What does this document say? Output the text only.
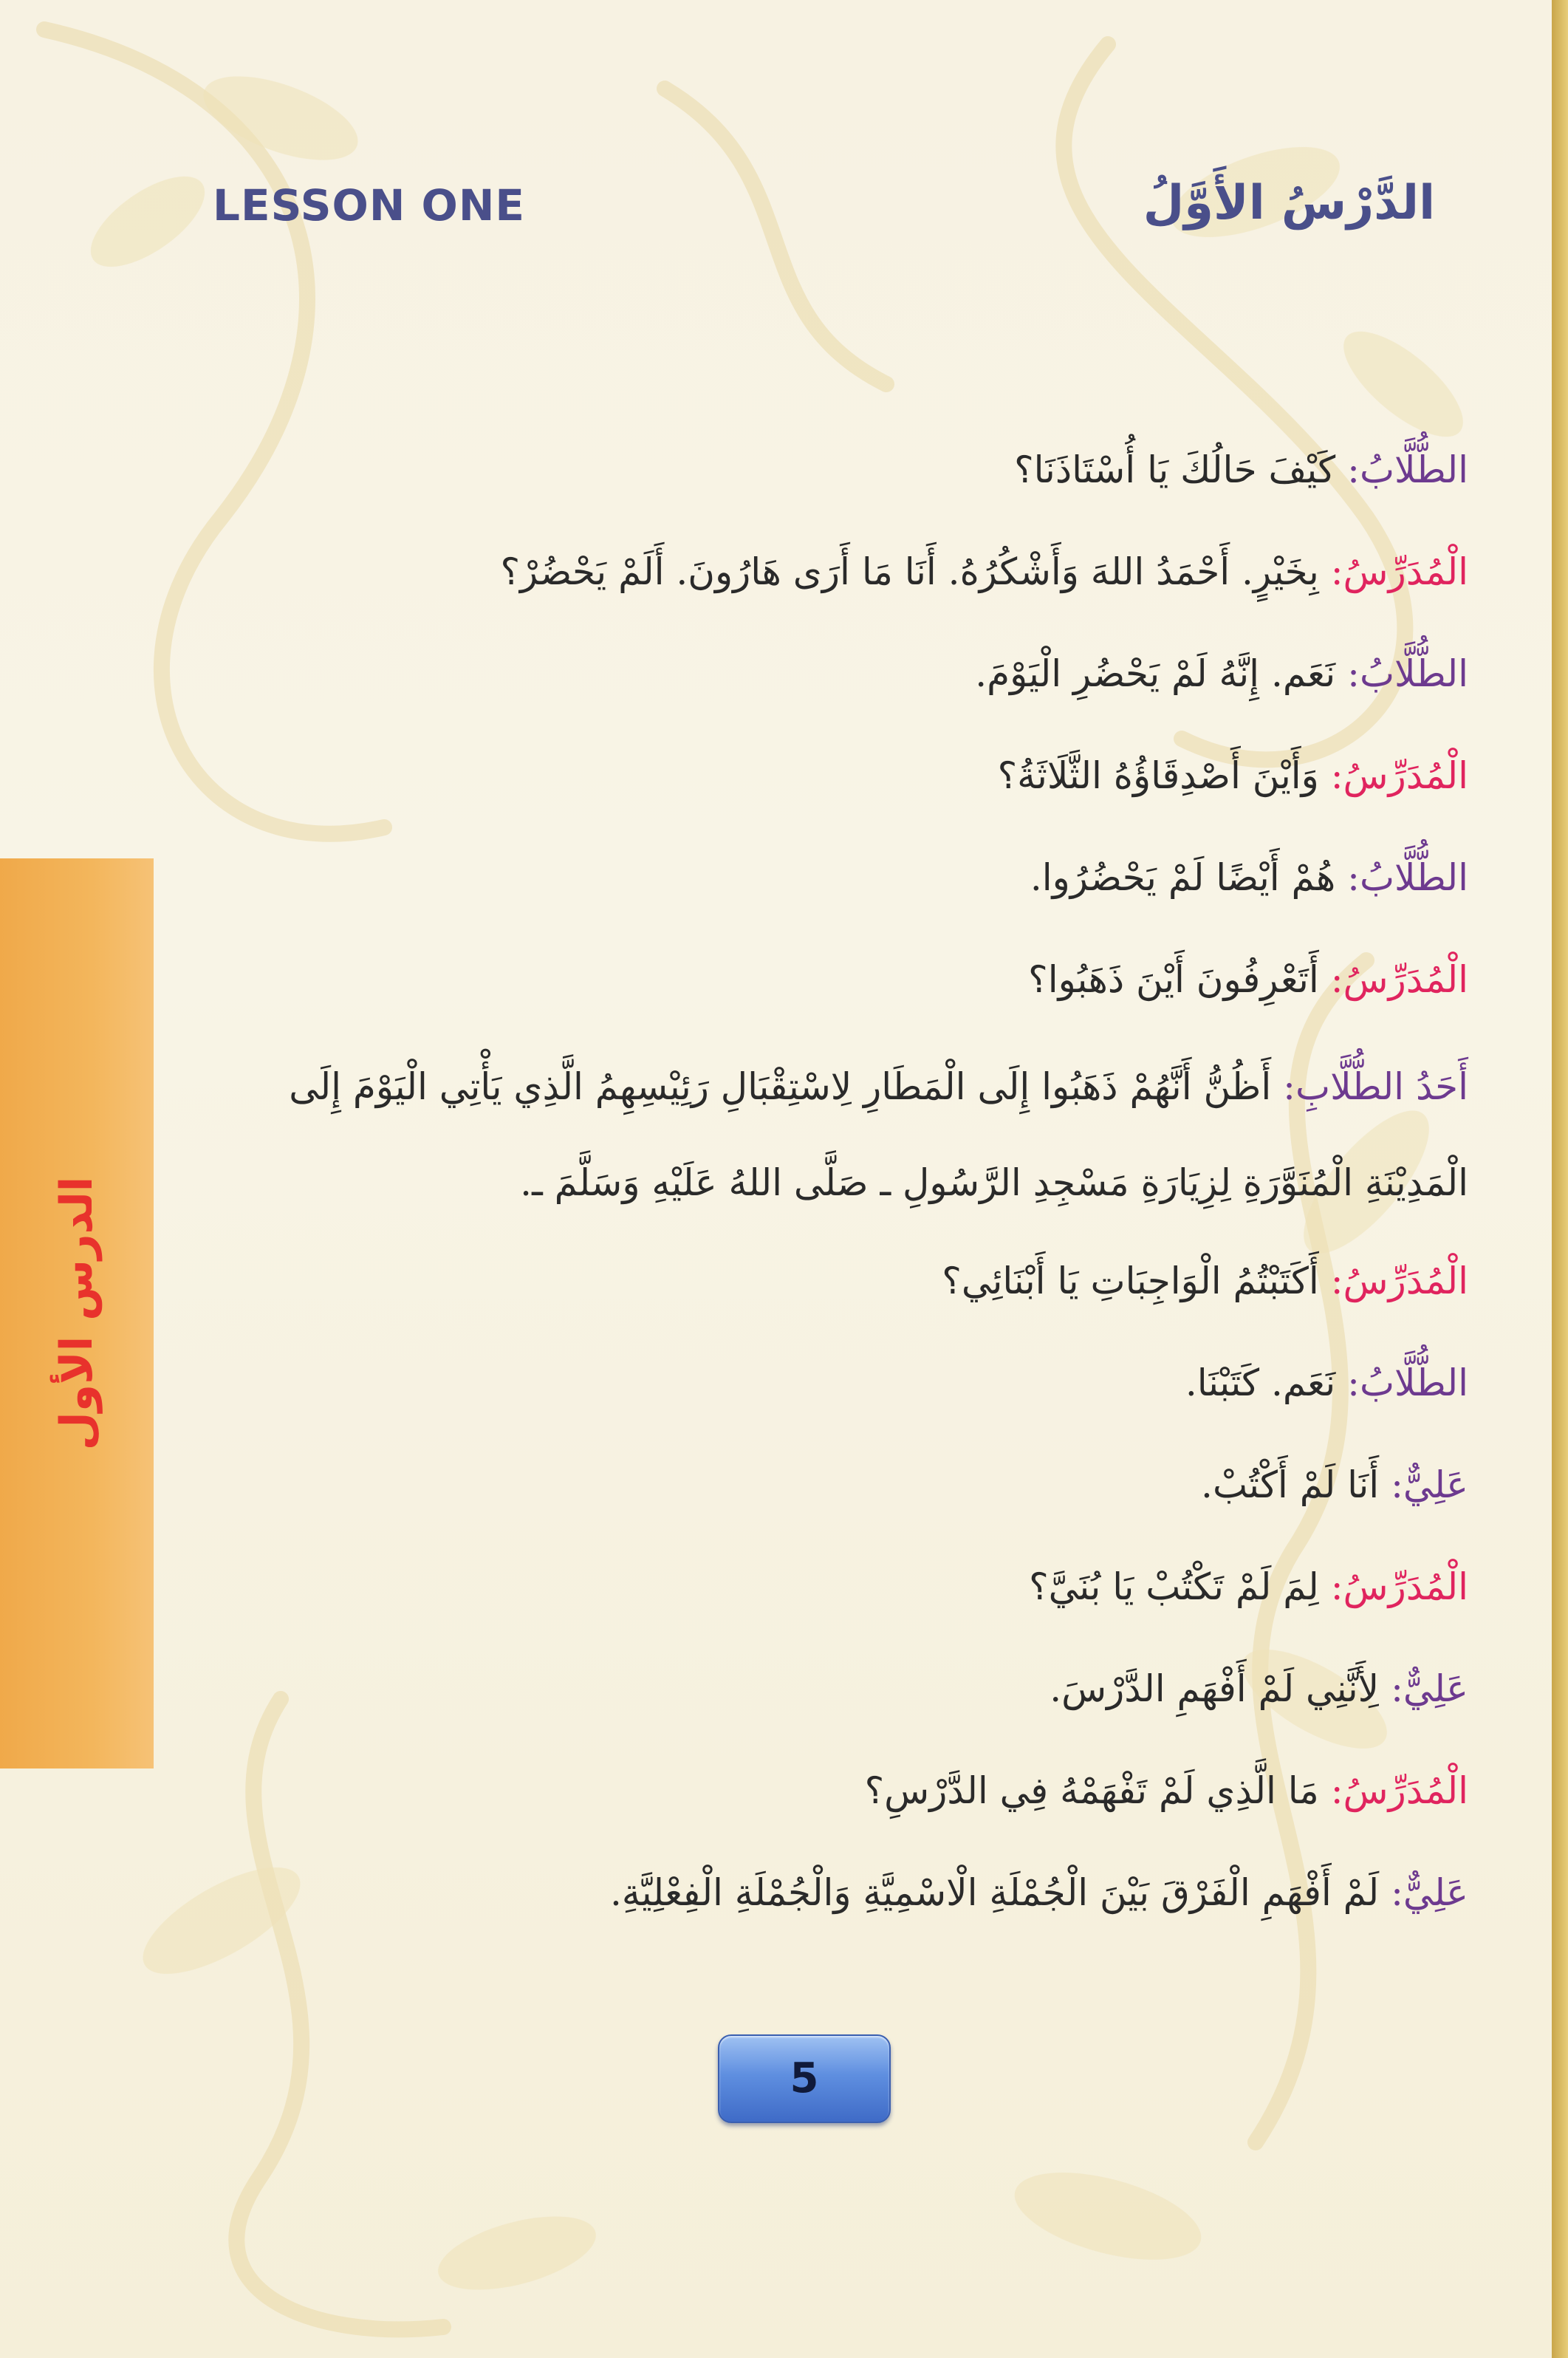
LESSON ONE	الدَّرْسُ الأَوَّلُ
الدرس الأول
الطُّلَّابُ: كَيْفَ حَالُكَ يَا أُسْتَاذَنَا؟
الْمُدَرِّسُ: بِخَيْرٍ. أَحْمَدُ اللهَ وَأَشْكُرُهُ. أَنَا مَا أَرَى هَارُونَ. أَلَمْ يَحْضُرْ؟
الطُّلَّابُ: نَعَم. إِنَّهُ لَمْ يَحْضُرِ الْيَوْمَ.
الْمُدَرِّسُ: وَأَيْنَ أَصْدِقَاؤُهُ الثَّلَاثَةُ؟
الطُّلَّابُ: هُمْ أَيْضًا لَمْ يَحْضُرُوا.
الْمُدَرِّسُ: أَتَعْرِفُونَ أَيْنَ ذَهَبُوا؟
أَحَدُ الطُّلَّابِ: أَظُنُّ أَنَّهُمْ ذَهَبُوا إِلَى الْمَطَارِ لِاسْتِقْبَالِ رَئِيْسِهِمُ الَّذِي يَأْتِي الْيَوْمَ إِلَى الْمَدِيْنَةِ الْمُنَوَّرَةِ لِزِيَارَةِ مَسْجِدِ الرَّسُولِ ـ صَلَّى اللهُ عَلَيْهِ وَسَلَّمَ ـ.
الْمُدَرِّسُ: أَكَتَبْتُمُ الْوَاجِبَاتِ يَا أَبْنَائِي؟
الطُّلَّابُ: نَعَم. كَتَبْنَا.
عَلِيٌّ: أَنَا لَمْ أَكْتُبْ.
الْمُدَرِّسُ: لِمَ لَمْ تَكْتُبْ يَا بُنَيَّ؟
عَلِيٌّ: لِأَنَّنِي لَمْ أَفْهَمِ الدَّرْسَ.
الْمُدَرِّسُ: مَا الَّذِي لَمْ تَفْهَمْهُ فِي الدَّرْسِ؟
عَلِيٌّ: لَمْ أَفْهَمِ الْفَرْقَ بَيْنَ الْجُمْلَةِ الْاسْمِيَّةِ وَالْجُمْلَةِ الْفِعْلِيَّةِ.
5
